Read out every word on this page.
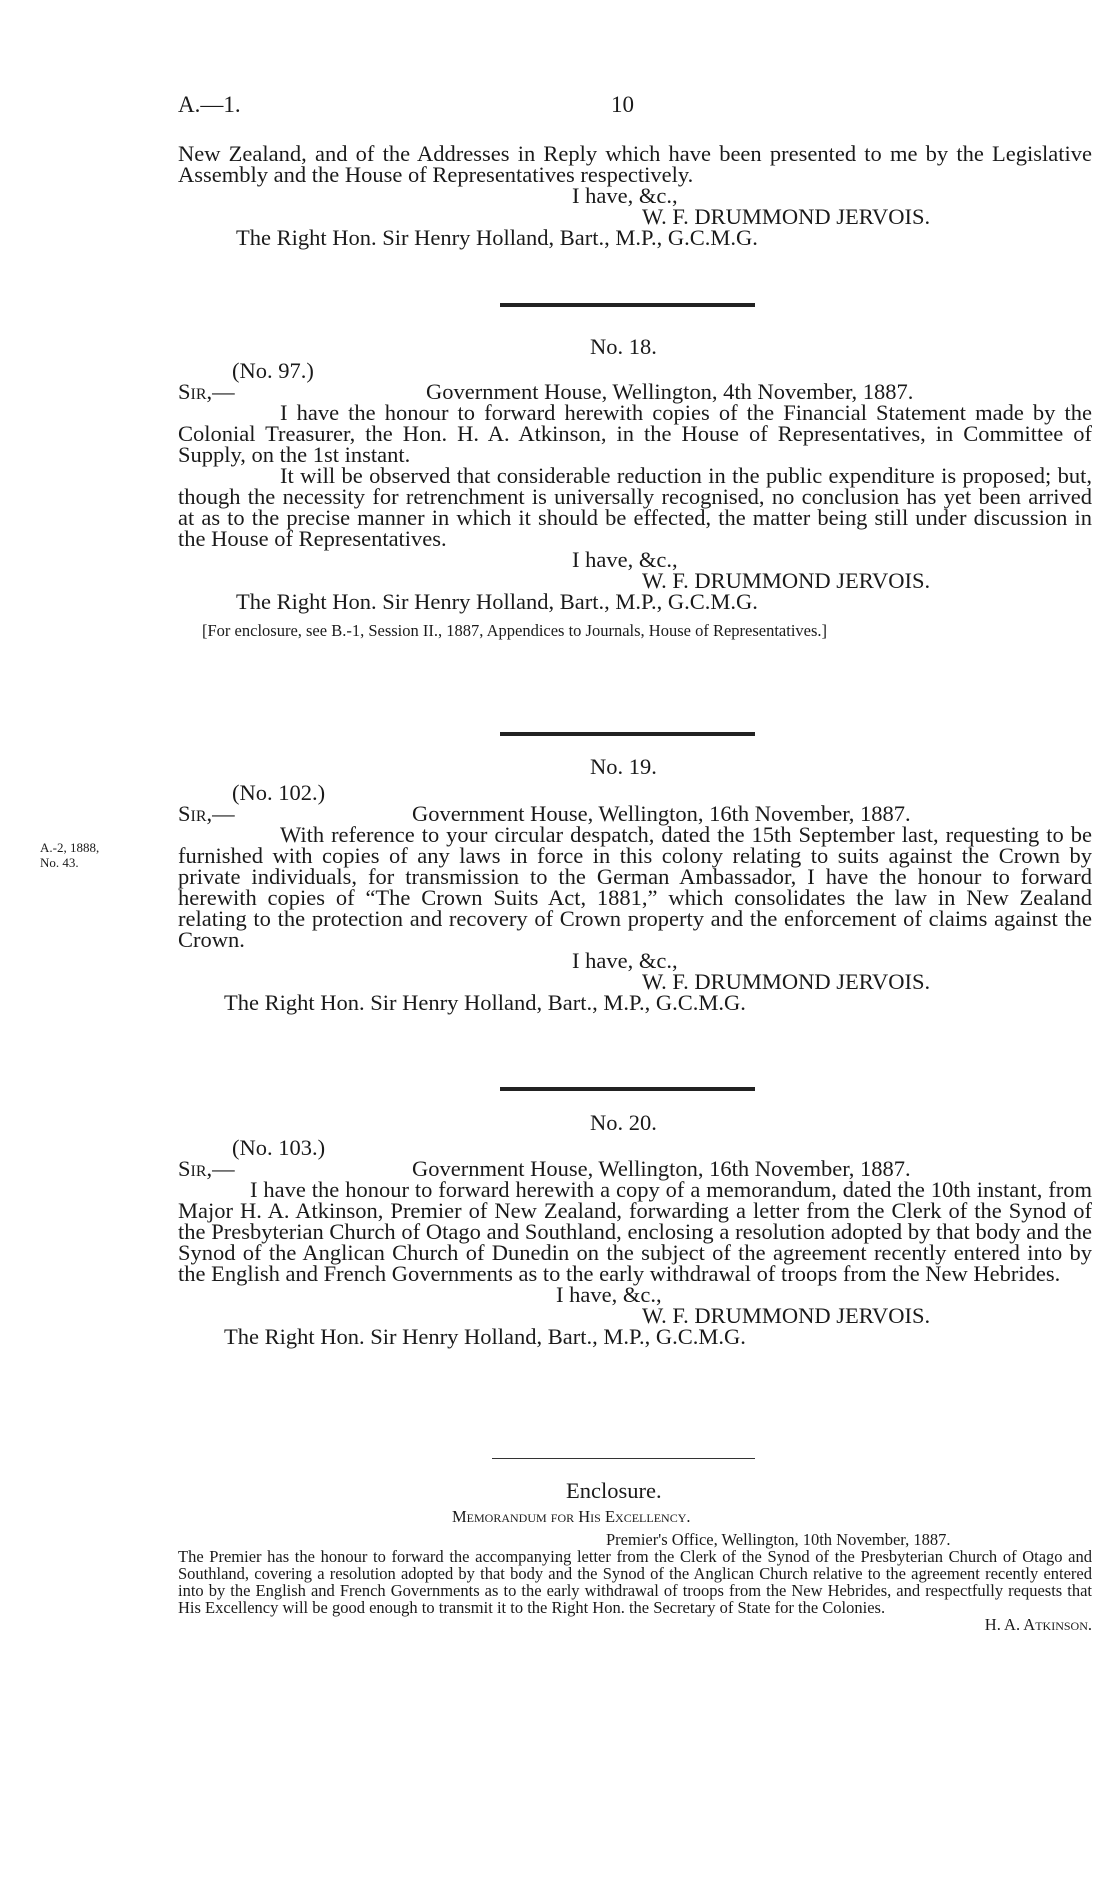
A.—1.	10

New Zealand, and of the Addresses in Reply which have been presented to me by the Legislative Assembly and the House of Representatives respectively.

I have, &c.,
W. F. DRUMMOND JERVOIS.
The Right Hon. Sir Henry Holland, Bart., M.P., G.C.M.G.
No. 18.
(No. 97.)
Sir,—	Government House, Wellington, 4th November, 1887.

I have the honour to forward herewith copies of the Financial Statement made by the Colonial Treasurer, the Hon. H. A. Atkinson, in the House of Representatives, in Committee of Supply, on the 1st instant.

It will be observed that considerable reduction in the public expenditure is proposed; but, though the necessity for retrenchment is universally recognised, no conclusion has yet been arrived at as to the precise manner in which it should be effected, the matter being still under discussion in the House of Representatives.

I have, &c.,
W. F. DRUMMOND JERVOIS.
The Right Hon. Sir Henry Holland, Bart., M.P., G.C.M.G.
[For enclosure, see B.-1, Session II., 1887, Appendices to Journals, House of Representatives.]
No. 19.
A.-2, 1888,
No. 43.
(No. 102.)
Sir,—	Government House, Wellington, 16th November, 1887.

With reference to your circular despatch, dated the 15th September last, requesting to be furnished with copies of any laws in force in this colony relating to suits against the Crown by private individuals, for transmission to the German Ambassador, I have the honour to forward herewith copies of “The Crown Suits Act, 1881,” which consolidates the law in New Zealand relating to the protection and recovery of Crown property and the enforcement of claims against the Crown.

I have, &c.,
W. F. DRUMMOND JERVOIS.
The Right Hon. Sir Henry Holland, Bart., M.P., G.C.M.G.
No. 20.
(No. 103.)
Sir,—	Government House, Wellington, 16th November, 1887.

I have the honour to forward herewith a copy of a memorandum, dated the 10th instant, from Major H. A. Atkinson, Premier of New Zealand, forwarding a letter from the Clerk of the Synod of the Presbyterian Church of Otago and Southland, enclosing a resolution adopted by that body and the Synod of the Anglican Church of Dunedin on the subject of the agreement recently entered into by the English and French Governments as to the early withdrawal of troops from the New Hebrides.

I have, &c.,
W. F. DRUMMOND JERVOIS.
The Right Hon. Sir Henry Holland, Bart., M.P., G.C.M.G.
Enclosure.
Memorandum for His Excellency.
Premier's Office, Wellington, 10th November, 1887.

The Premier has the honour to forward the accompanying letter from the Clerk of the Synod of the Presbyterian Church of Otago and Southland, covering a resolution adopted by that body and the Synod of the Anglican Church relative to the agreement recently entered into by the English and French Governments as to the early withdrawal of troops from the New Hebrides, and respectfully requests that His Excellency will be good enough to transmit it to the Right Hon. the Secretary of State for the Colonies.

H. A. Atkinson.
